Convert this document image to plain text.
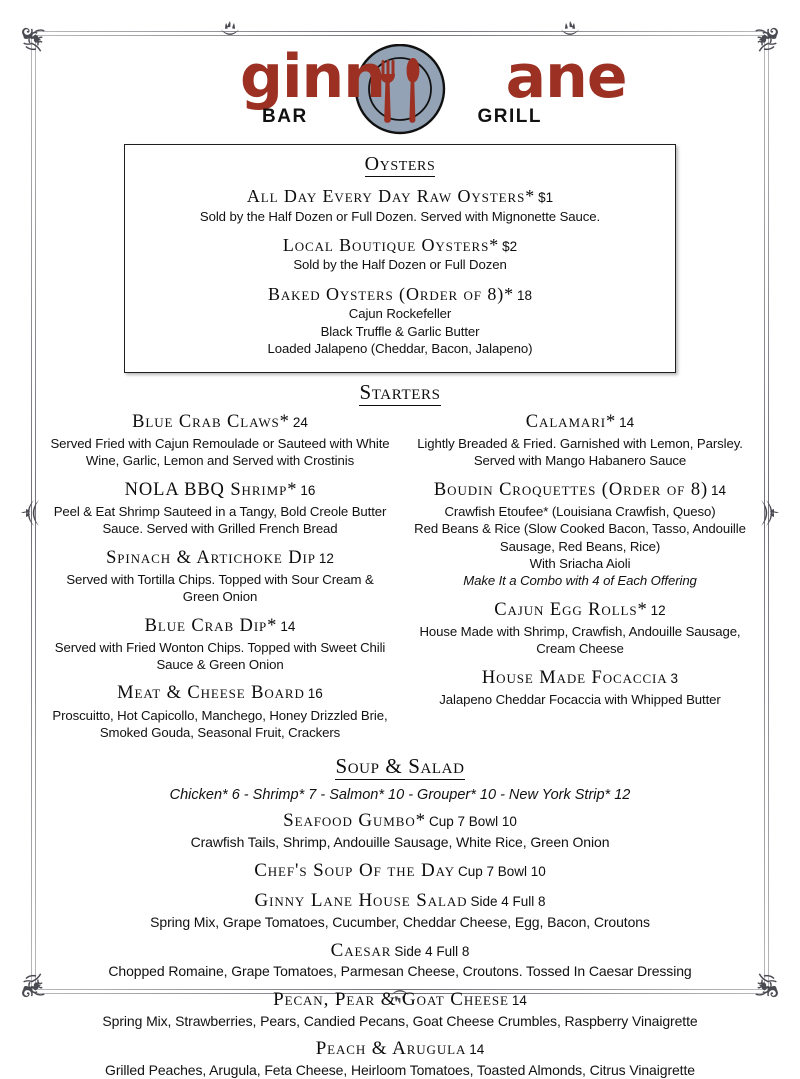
ginn ane
BAR	GRILL
Oysters
All Day Every Day Raw Oysters* $1
Sold by the Half Dozen or Full Dozen. Served with Mignonette Sauce.
Local Boutique Oysters* $2
Sold by the Half Dozen or Full Dozen
Baked Oysters (Order of 8)* 18
Cajun Rockefeller
Black Truffle & Garlic Butter
Loaded Jalapeno (Cheddar, Bacon, Jalapeno)
Starters
Blue Crab Claws* 24
Served Fried with Cajun Remoulade or Sauteed with White Wine, Garlic, Lemon and Served with Crostinis
NOLA BBQ Shrimp* 16
Peel & Eat Shrimp Sauteed in a Tangy, Bold Creole Butter Sauce. Served with Grilled French Bread
Spinach & Artichoke Dip 12
Served with Tortilla Chips. Topped with Sour Cream & Green Onion
Blue Crab Dip* 14
Served with Fried Wonton Chips. Topped with Sweet Chili Sauce & Green Onion
Meat & Cheese Board 16
Proscuitto, Hot Capicollo, Manchego, Honey Drizzled Brie, Smoked Gouda, Seasonal Fruit, Crackers
Calamari* 14
Lightly Breaded & Fried. Garnished with Lemon, Parsley. Served with Mango Habanero Sauce
Boudin Croquettes (Order of 8) 14
Crawfish Etoufee* (Louisiana Crawfish, Queso)
Red Beans & Rice (Slow Cooked Bacon, Tasso, Andouille Sausage, Red Beans, Rice)
With Sriacha Aioli
Make It a Combo with 4 of Each Offering
Cajun Egg Rolls* 12
House Made with Shrimp, Crawfish, Andouille Sausage, Cream Cheese
House Made Focaccia 3
Jalapeno Cheddar Focaccia with Whipped Butter
Soup & Salad
Chicken* 6 - Shrimp* 7 - Salmon* 10 - Grouper* 10 - New York Strip* 12
Seafood Gumbo* Cup 7 Bowl 10
Crawfish Tails, Shrimp, Andouille Sausage, White Rice, Green Onion
Chef's Soup Of the Day Cup 7 Bowl 10
Ginny Lane House Salad Side 4 Full 8
Spring Mix, Grape Tomatoes, Cucumber, Cheddar Cheese, Egg, Bacon, Croutons
Caesar Side 4 Full 8
Chopped Romaine, Grape Tomatoes, Parmesan Cheese, Croutons. Tossed In Caesar Dressing
Pecan, Pear & Goat Cheese 14
Spring Mix, Strawberries, Pears, Candied Pecans, Goat Cheese Crumbles, Raspberry Vinaigrette
Peach & Arugula 14
Grilled Peaches, Arugula, Feta Cheese, Heirloom Tomatoes, Toasted Almonds, Citrus Vinaigrette
